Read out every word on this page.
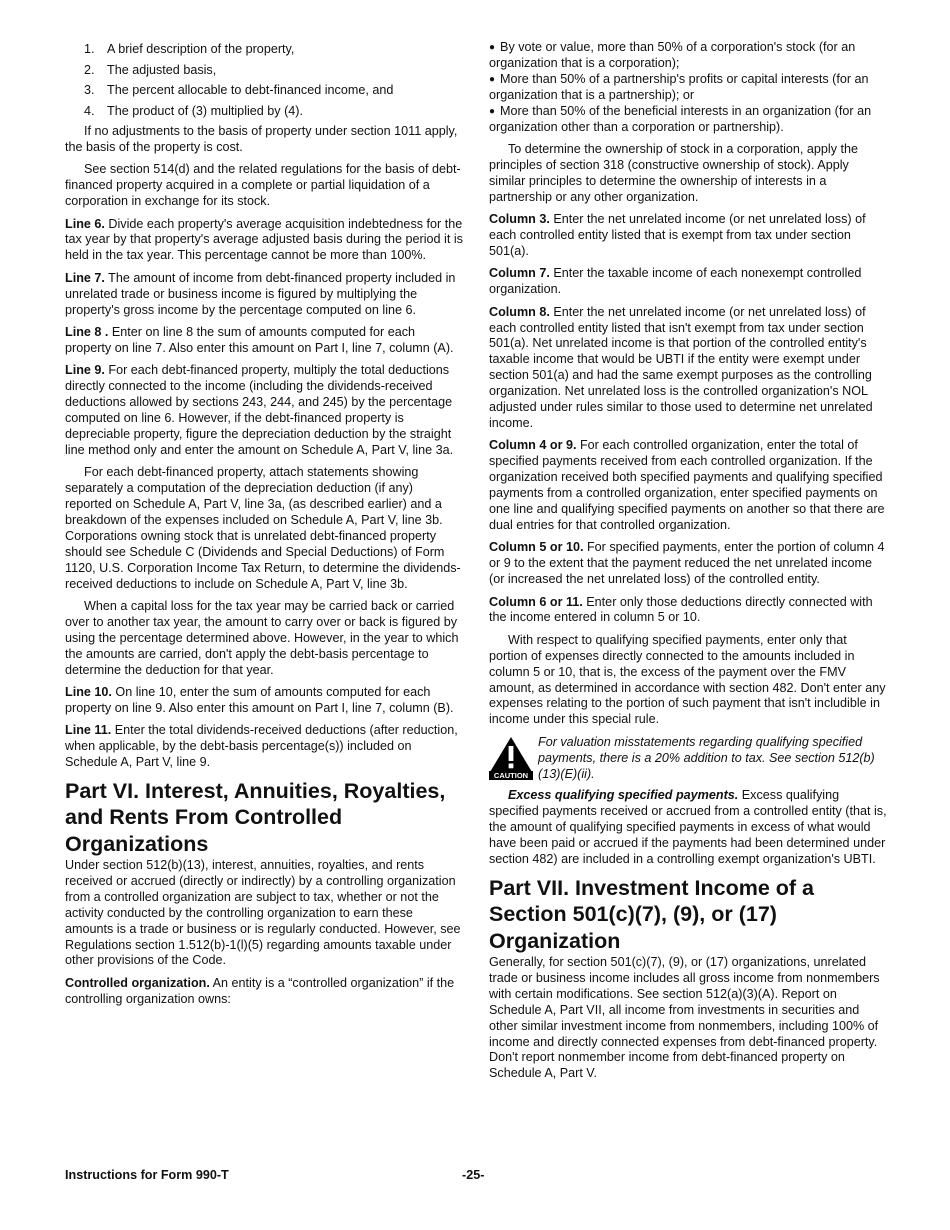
1. A brief description of the property,
2. The adjusted basis,
3. The percent allocable to debt-financed income, and
4. The product of (3) multiplied by (4).

If no adjustments to the basis of property under section 1011 apply, the basis of the property is cost.

See section 514(d) and the related regulations for the basis of debt-financed property acquired in a complete or partial liquidation of a corporation in exchange for its stock.

Line 6. Divide each property's average acquisition indebtedness for the tax year by that property's average adjusted basis during the period it is held in the tax year. This percentage cannot be more than 100%.

Line 7. The amount of income from debt-financed property included in unrelated trade or business income is figured by multiplying the property's gross income by the percentage computed on line 6.

Line 8 . Enter on line 8 the sum of amounts computed for each property on line 7. Also enter this amount on Part I, line 7, column (A).

Line 9. For each debt-financed property, multiply the total deductions directly connected to the income (including the dividends-received deductions allowed by sections 243, 244, and 245) by the percentage computed on line 6. However, if the debt-financed property is depreciable property, figure the depreciation deduction by the straight line method only and enter the amount on Schedule A, Part V, line 3a.

For each debt-financed property, attach statements showing separately a computation of the depreciation deduction (if any) reported on Schedule A, Part V, line 3a, (as described earlier) and a breakdown of the expenses included on Schedule A, Part V, line 3b. Corporations owning stock that is unrelated debt-financed property should see Schedule C (Dividends and Special Deductions) of Form 1120, U.S. Corporation Income Tax Return, to determine the dividends-received deductions to include on Schedule A, Part V, line 3b.

When a capital loss for the tax year may be carried back or carried over to another tax year, the amount to carry over or back is figured by using the percentage determined above. However, in the year to which the amounts are carried, don't apply the debt-basis percentage to determine the deduction for that year.

Line 10. On line 10, enter the sum of amounts computed for each property on line 9. Also enter this amount on Part I, line 7, column (B).

Line 11. Enter the total dividends-received deductions (after reduction, when applicable, by the debt-basis percentage(s)) included on Schedule A, Part V, line 9.

Part VI. Interest, Annuities, Royalties, and Rents From Controlled Organizations

Under section 512(b)(13), interest, annuities, royalties, and rents received or accrued (directly or indirectly) by a controlling organization from a controlled organization are subject to tax, whether or not the activity conducted by the controlling organization to earn these amounts is a trade or business or is regularly conducted. However, see Regulations section 1.512(b)-1(l)(5) regarding amounts taxable under other provisions of the Code.

Controlled organization. An entity is a “controlled organization” if the controlling organization owns:

● By vote or value, more than 50% of a corporation's stock (for an organization that is a corporation);

● More than 50% of a partnership's profits or capital interests (for an organization that is a partnership); or

● More than 50% of the beneficial interests in an organization (for an organization other than a corporation or partnership).

To determine the ownership of stock in a corporation, apply the principles of section 318 (constructive ownership of stock). Apply similar principles to determine the ownership of interests in a partnership or any other organization.

Column 3. Enter the net unrelated income (or net unrelated loss) of each controlled entity listed that is exempt from tax under section 501(a).

Column 7. Enter the taxable income of each nonexempt controlled organization.

Column 8. Enter the net unrelated income (or net unrelated loss) of each controlled entity listed that isn't exempt from tax under section 501(a). Net unrelated income is that portion of the controlled entity's taxable income that would be UBTI if the entity were exempt under section 501(a) and had the same exempt purposes as the controlling organization. Net unrelated loss is the controlled organization's NOL adjusted under rules similar to those used to determine net unrelated income.

Column 4 or 9. For each controlled organization, enter the total of specified payments received from each controlled organization. If the organization received both specified payments and qualifying specified payments from a controlled organization, enter specified payments on one line and qualifying specified payments on another so that there are dual entries for that controlled organization.

Column 5 or 10. For specified payments, enter the portion of column 4 or 9 to the extent that the payment reduced the net unrelated income (or increased the net unrelated loss) of the controlled entity.

Column 6 or 11. Enter only those deductions directly connected with the income entered in column 5 or 10.

With respect to qualifying specified payments, enter only that portion of expenses directly connected to the amounts included in column 5 or 10, that is, the excess of the payment over the FMV amount, as determined in accordance with section 482. Don't enter any expenses relating to the portion of such payment that isn't includible in income under this special rule.

CAUTION
For valuation misstatements regarding qualifying specified payments, there is a 20% addition to tax. See section 512(b)(13)(E)(ii).

Excess qualifying specified payments. Excess qualifying specified payments received or accrued from a controlled entity (that is, the amount of qualifying specified payments in excess of what would have been paid or accrued if the payments had been determined under section 482) are included in a controlling exempt organization's UBTI.

Part VII. Investment Income of a Section 501(c)(7), (9), or (17) Organization

Generally, for section 501(c)(7), (9), or (17) organizations, unrelated trade or business income includes all gross income from nonmembers with certain modifications. See section 512(a)(3)(A). Report on Schedule A, Part VII, all income from investments in securities and other similar investment income from nonmembers, including 100% of income and directly connected expenses from debt-financed property. Don't report nonmember income from debt-financed property on Schedule A, Part V.

Instructions for Form 990-T	-25-
